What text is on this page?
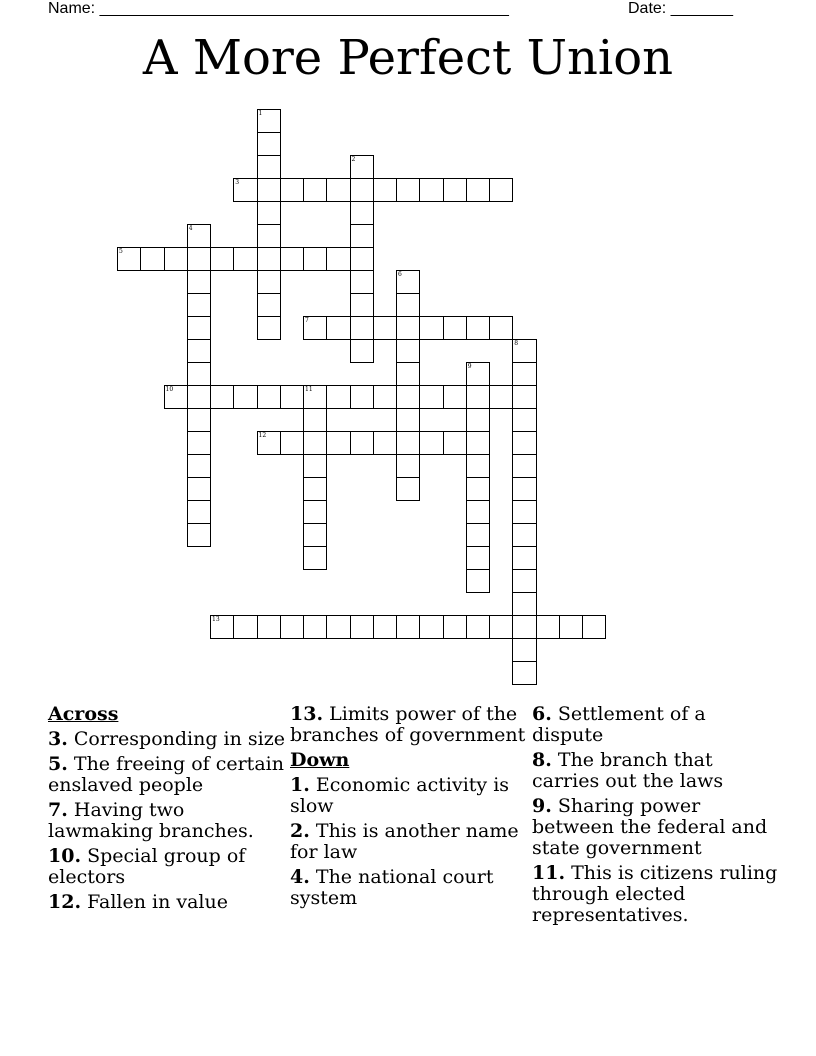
Name: ______________________________________________	Date: _______
A More Perfect Union
1
2
3
4
5
6
7
8
9
10	11
12
13
Across
3. Corresponding in size
5. The freeing of certain enslaved people
7. Having two lawmaking branches.
10. Special group of electors
12. Fallen in value
13. Limits power of the branches of government
Down
1. Economic activity is slow
2. This is another name for law
4. The national court system
6. Settlement of a dispute
8. The branch that carries out the laws
9. Sharing power between the federal and state government
11. This is citizens ruling through elected representatives.
